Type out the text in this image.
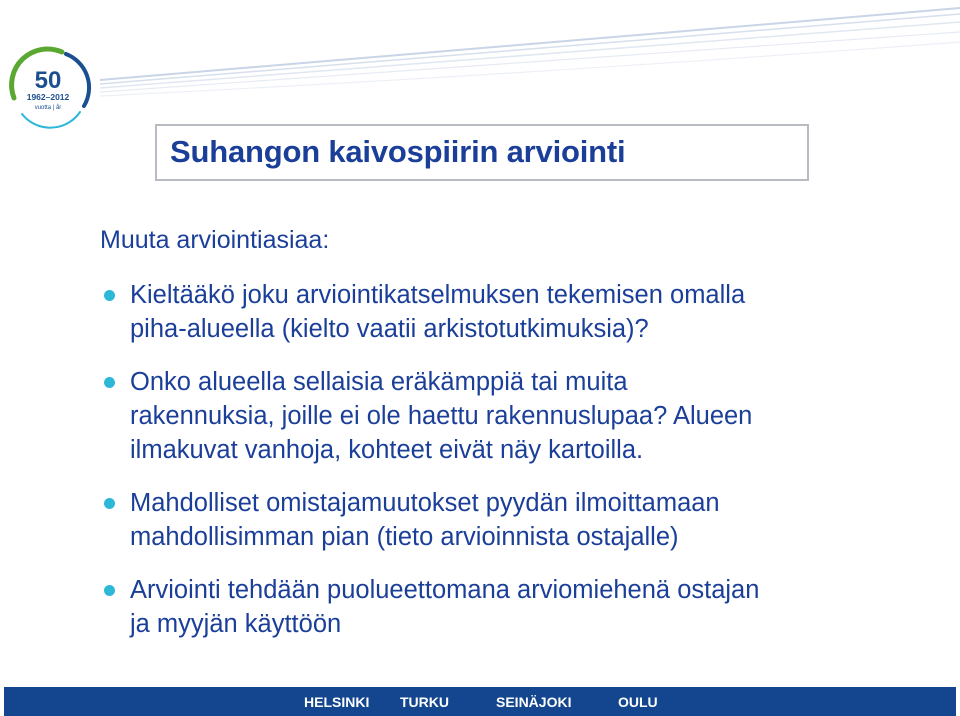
50
1962–2012
vuotta | år
Suhangon kaivospiirin arviointi
Muuta arviointiasiaa:
Kieltääkö joku arviointikatselmuksen tekemisen omalla
piha-alueella (kielto vaatii arkistotutkimuksia)?
Onko alueella sellaisia eräkämppiä tai muita
rakennuksia, joille ei ole haettu rakennuslupaa? Alueen
ilmakuvat vanhoja, kohteet eivät näy kartoilla.
Mahdolliset omistajamuutokset pyydän ilmoittamaan
mahdollisimman pian (tieto arvioinnista ostajalle)
Arviointi tehdään puolueettomana arviomiehenä ostajan
ja myyjän käyttöön
HELSINKI TURKU	SEINÄJOKI	OULU
